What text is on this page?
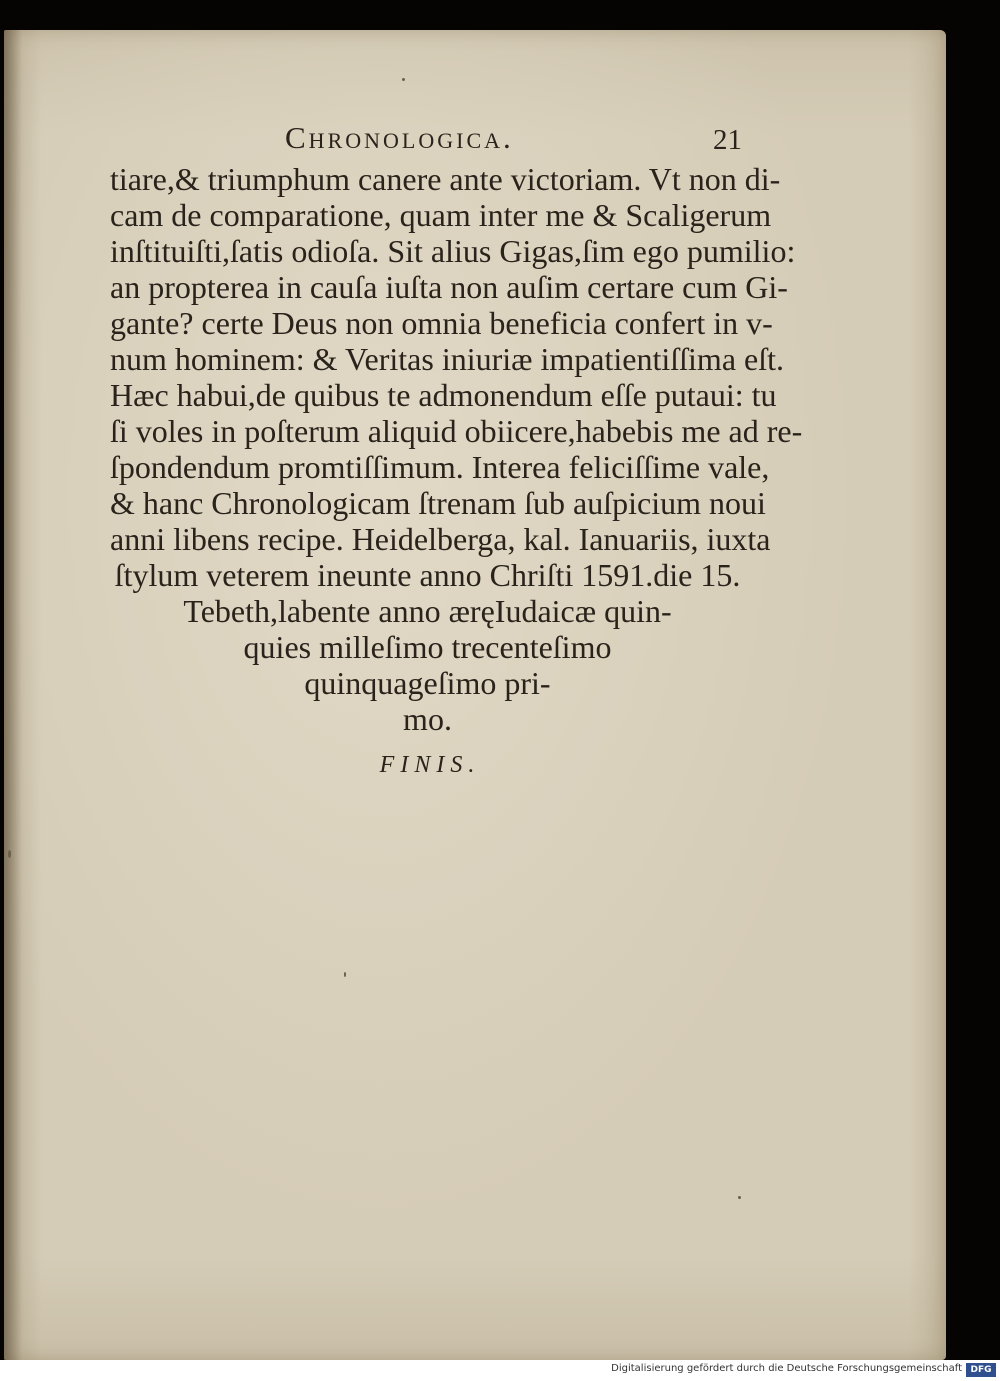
Chronologica.	21
tiare,& triumphum canere ante victoriam. Vt non di-
cam de comparatione, quam inter me & Scaligerum
inſtituiſti,ſatis odioſa. Sit alius Gigas,ſim ego pumilio:
an propterea in cauſa iuſta non auſim certare cum Gi-
gante? certe Deus non omnia beneficia confert in v-
num hominem: & Veritas iniuriæ impatientiſſima eſt.
Hæc habui,de quibus te admonendum eſſe putaui: tu
ſi voles in poſterum aliquid obiicere,habebis me ad re-
ſpondendum promtiſſimum. Interea feliciſſime vale,
& hanc Chronologicam ſtrenam ſub auſpicium noui
anni libens recipe. Heidelberga, kal. Ianuariis, iuxta
ſtylum veterem ineunte anno Chriſti 1591.die 15.
Tebeth,labente anno æręIudaicæ quin-
quies milleſimo trecenteſimo
quinquageſimo pri-
mo.
FINIS.
Digitalisierung gefördert durch die Deutsche Forschungsgemeinschaft DFG
